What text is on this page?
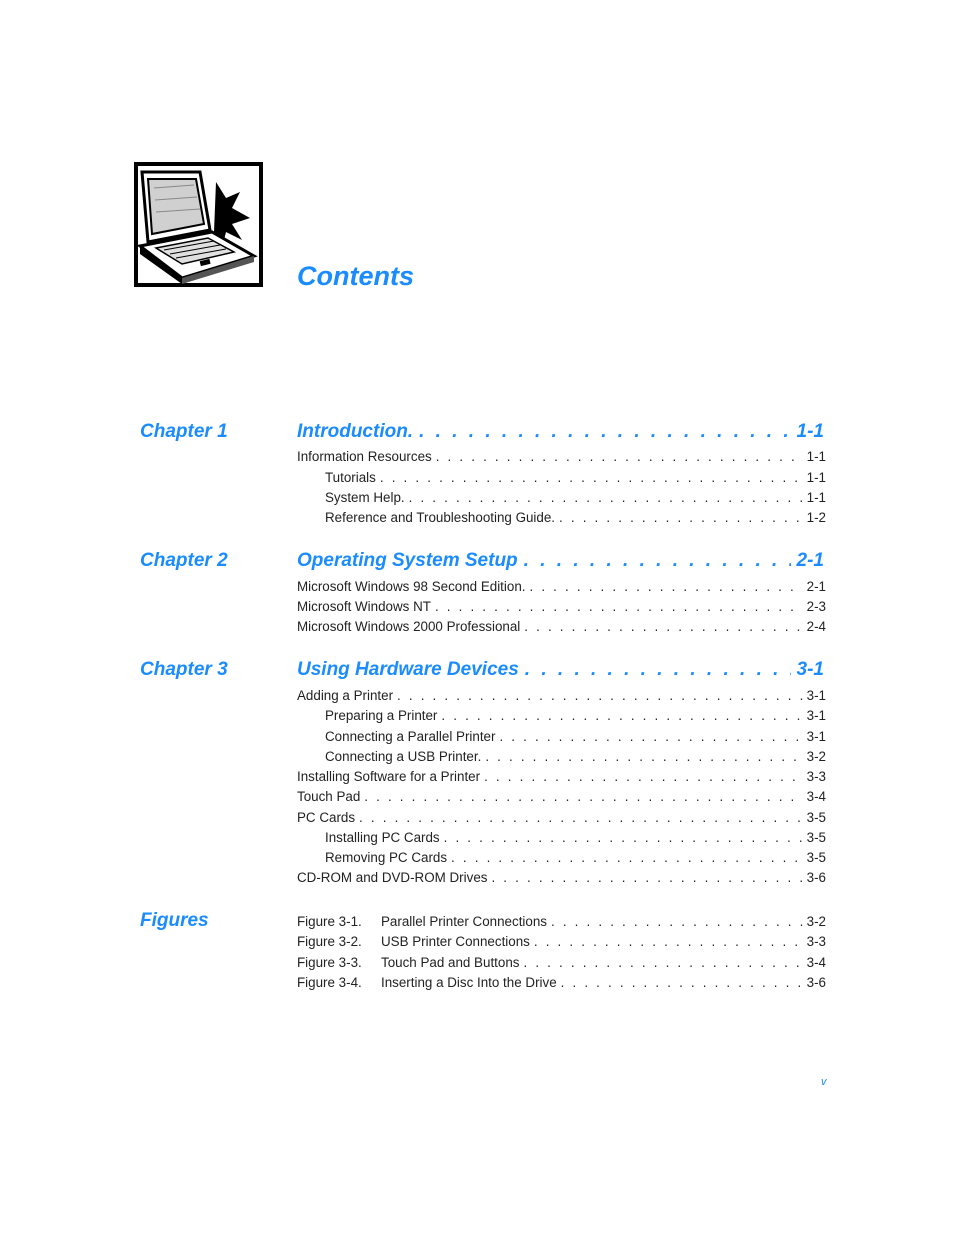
Contents
Chapter 1	Introduction. . . .	1-1
Information Resources . . .	1-1
Tutorials . . .	1-1
System Help. . . .	1-1
Reference and Troubleshooting Guide. . . .	1-2
Chapter 2	Operating System Setup . . .	2-1
Microsoft Windows 98 Second Edition. . . .	2-1
Microsoft Windows NT . . .	2-3
Microsoft Windows 2000 Professional . . .	2-4
Chapter 3	Using Hardware Devices . . .	3-1
Adding a Printer . . .	3-1
Preparing a Printer . . .	3-1
Connecting a Parallel Printer . . .	3-1
Connecting a USB Printer. . . .	3-2
Installing Software for a Printer . . .	3-3
Touch Pad . . .	3-4
PC Cards . . .	3-5
Installing PC Cards . . .	3-5
Removing PC Cards . . .	3-5
CD-ROM and DVD-ROM Drives . . .	3-6
Figures	Figure 3-1.	Parallel Printer Connections . . .	3-2
Figure 3-2.	USB Printer Connections . . .	3-3
Figure 3-3.	Touch Pad and Buttons . . .	3-4
Figure 3-4.	Inserting a Disc Into the Drive . . .	3-6
v
